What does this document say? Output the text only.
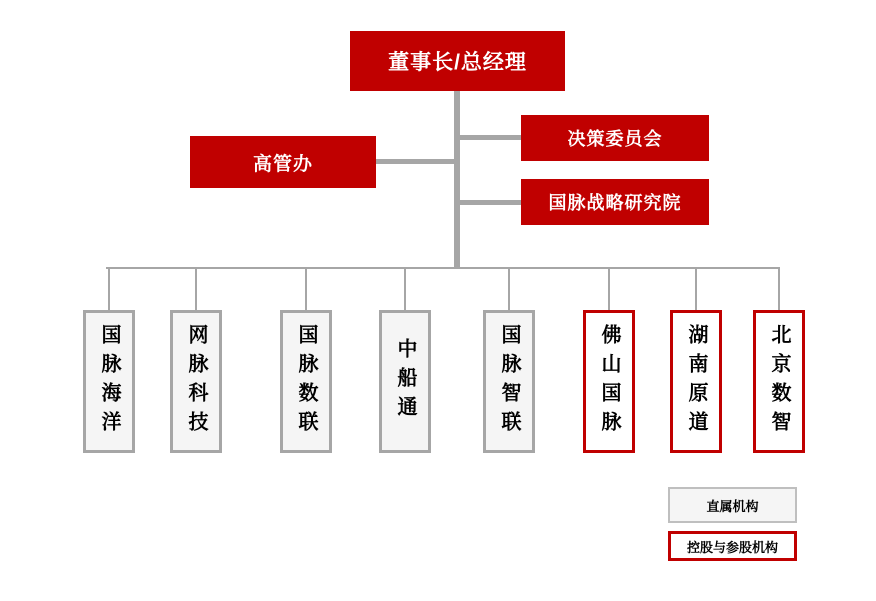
董事长/总经理
高管办
决策委员会
国脉战略研究院
国脉海洋	网脉科技	国脉数联	中船通	国脉智联	佛山国脉	湖南原道	北京数智
直属机构
控股与参股机构
